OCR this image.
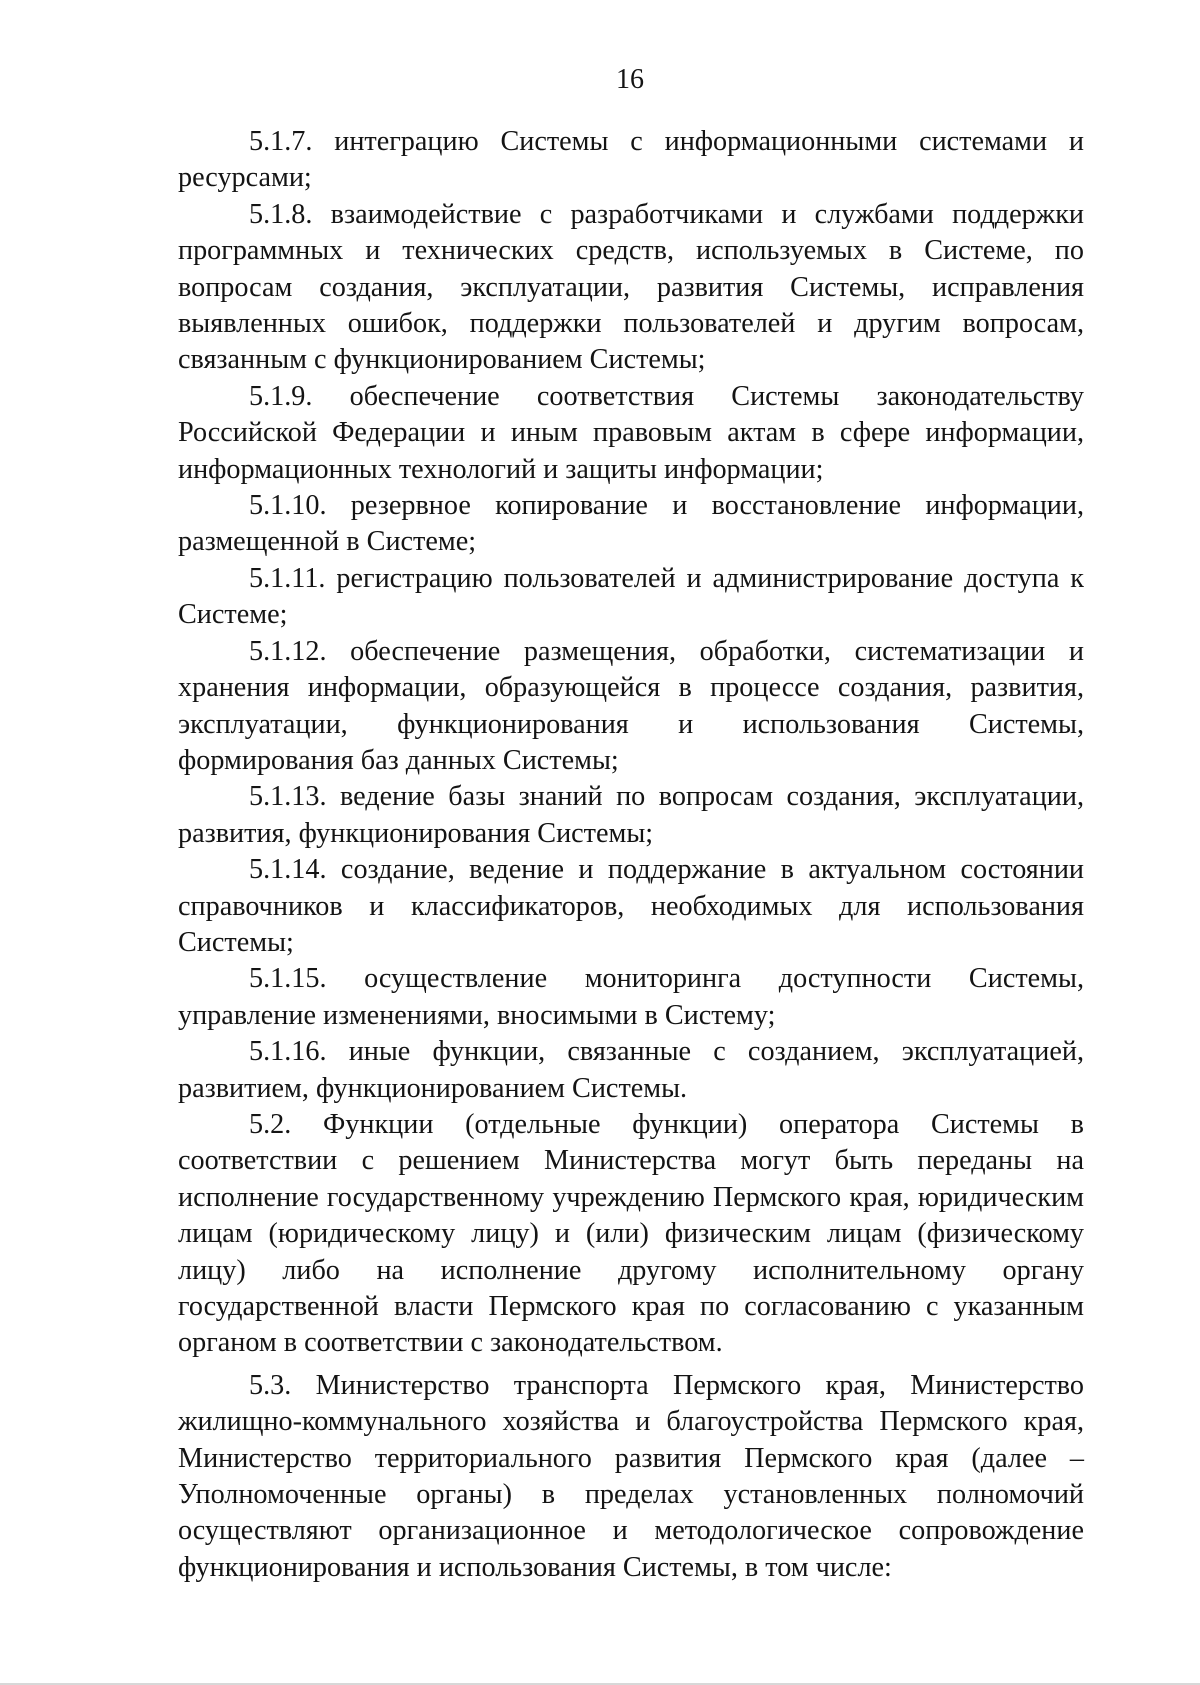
16

5.1.7. интеграцию Системы с информационными системами и ресурсами;

5.1.8. взаимодействие с разработчиками и службами поддержки программных и технических средств, используемых в Системе, по вопросам создания, эксплуатации, развития Системы, исправления выявленных ошибок, поддержки пользователей и другим вопросам, связанным с функционированием Системы;

5.1.9. обеспечение соответствия Системы законодательству Российской Федерации и иным правовым актам в сфере информации, информационных технологий и защиты информации;

5.1.10. резервное копирование и восстановление информации, размещенной в Системе;

5.1.11. регистрацию пользователей и администрирование доступа к Системе;

5.1.12. обеспечение размещения, обработки, систематизации и хранения информации, образующейся в процессе создания, развития, эксплуатации, функционирования и использования Системы, формирования баз данных Системы;

5.1.13. ведение базы знаний по вопросам создания, эксплуатации, развития, функционирования Системы;

5.1.14. создание, ведение и поддержание в актуальном состоянии справочников и классификаторов, необходимых для использования Системы;

5.1.15. осуществление мониторинга доступности Системы, управление изменениями, вносимыми в Систему;

5.1.16. иные функции, связанные с созданием, эксплуатацией, развитием, функционированием Системы.

5.2. Функции (отдельные функции) оператора Системы в соответствии с решением Министерства могут быть переданы на исполнение государственному учреждению Пермского края, юридическим лицам (юридическому лицу) и (или) физическим лицам (физическому лицу) либо на исполнение другому исполнительному органу государственной власти Пермского края по согласованию с указанным органом в соответствии с законодательством.

5.3. Министерство транспорта Пермского края, Министерство жилищно-коммунального хозяйства и благоустройства Пермского края, Министерство территориального развития Пермского края (далее – Уполномоченные органы) в пределах установленных полномочий осуществляют организационное и методологическое сопровождение функционирования и использования Системы, в том числе:
